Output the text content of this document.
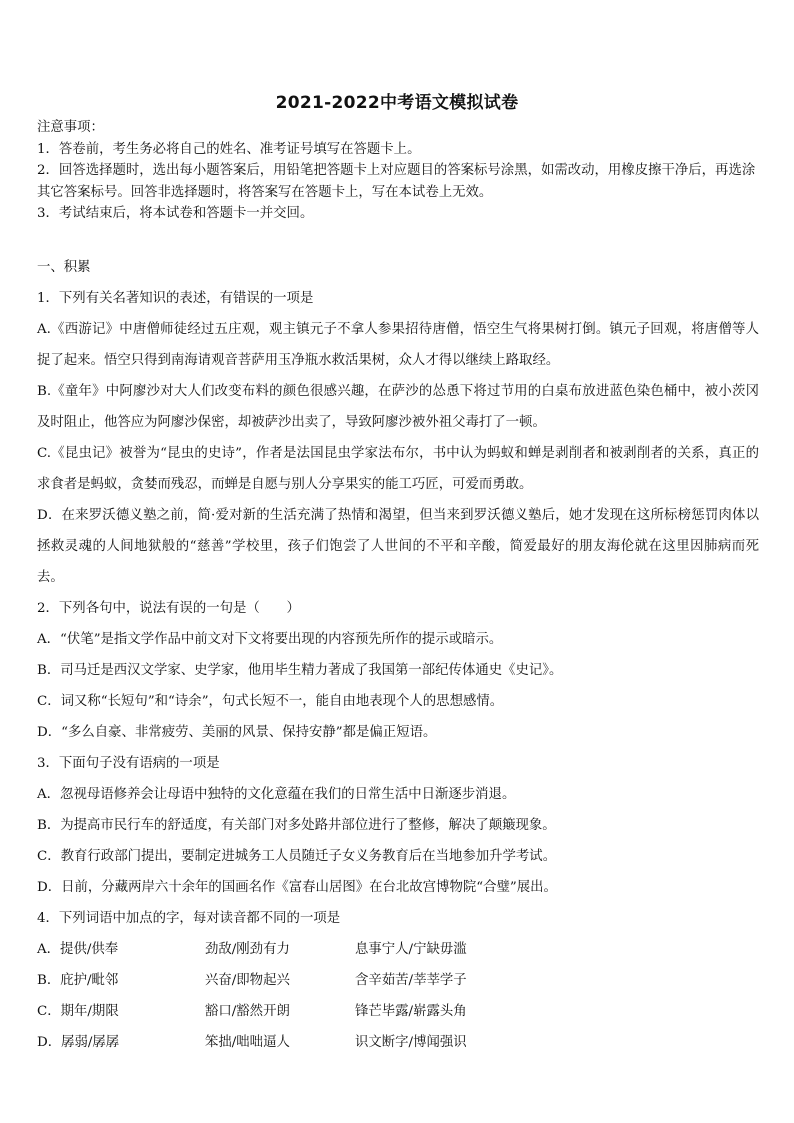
2021-2022中考语文模拟试卷
注意事项：
1．答卷前，考生务必将自己的姓名、准考证号填写在答题卡上。
2．回答选择题时，选出每小题答案后，用铅笔把答题卡上对应题目的答案标号涂黑，如需改动，用橡皮擦干净后，再选涂其它答案标号。回答非选择题时，将答案写在答题卡上，写在本试卷上无效。
3．考试结束后，将本试卷和答题卡一并交回。
一、积累
1．下列有关名著知识的表述，有错误的一项是
A.《西游记》中唐僧师徒经过五庄观，观主镇元子不拿人参果招待唐僧，悟空生气将果树打倒。镇元子回观，将唐僧等人捉了起来。悟空只得到南海请观音菩萨用玉净瓶水救活果树，众人才得以继续上路取经。
B.《童年》中阿廖沙对大人们改变布料的颜色很感兴趣，在萨沙的怂恿下将过节用的白桌布放进蓝色染色桶中，被小茨冈及时阻止，他答应为阿廖沙保密，却被萨沙出卖了，导致阿廖沙被外祖父毒打了一顿。
C.《昆虫记》被誉为“昆虫的史诗”，作者是法国昆虫学家法布尔，书中认为蚂蚁和蝉是剥削者和被剥削者的关系，真正的求食者是蚂蚁，贪婪而残忍，而蝉是自愿与别人分享果实的能工巧匠，可爱而勇敢。
D．在来罗沃德义塾之前，简·爱对新的生活充满了热情和渴望，但当来到罗沃德义塾后，她才发现在这所标榜惩罚肉体以拯救灵魂的人间地狱般的“慈善”学校里，孩子们饱尝了人世间的不平和辛酸，简爱最好的朋友海伦就在这里因肺病而死去。
2．下列各句中，说法有误的一句是（　　）
A．“伏笔”是指文学作品中前文对下文将要出现的内容预先所作的提示或暗示。
B．司马迁是西汉文学家、史学家，他用毕生精力著成了我国第一部纪传体通史《史记》。
C．词又称“长短句”和“诗余”，句式长短不一，能自由地表现个人的思想感情。
D．“多么自豪、非常疲劳、美丽的风景、保持安静”都是偏正短语。
3．下面句子没有语病的一项是
A．忽视母语修养会让母语中独特的文化意蕴在我们的日常生活中日渐逐步消退。
B．为提高市民行车的舒适度，有关部门对多处路井部位进行了整修，解决了颠簸现象。
C．教育行政部门提出，要制定进城务工人员随迁子女义务教育后在当地参加升学考试。
D．日前，分藏两岸六十余年的国画名作《富春山居图》在台北故宫博物院“合璧”展出。
4．下列词语中加点的字，每对读音都不同的一项是
A．提供/供奉	劲敌/刚劲有力	息事宁人/宁缺毋滥
B．庇护/毗邻	兴奋/即物起兴	含辛茹苦/莘莘学子
C．期年/期限	豁口/豁然开朗	锋芒毕露/崭露头角
D．孱弱/孱孱	笨拙/咄咄逼人	识文断字/博闻强识
